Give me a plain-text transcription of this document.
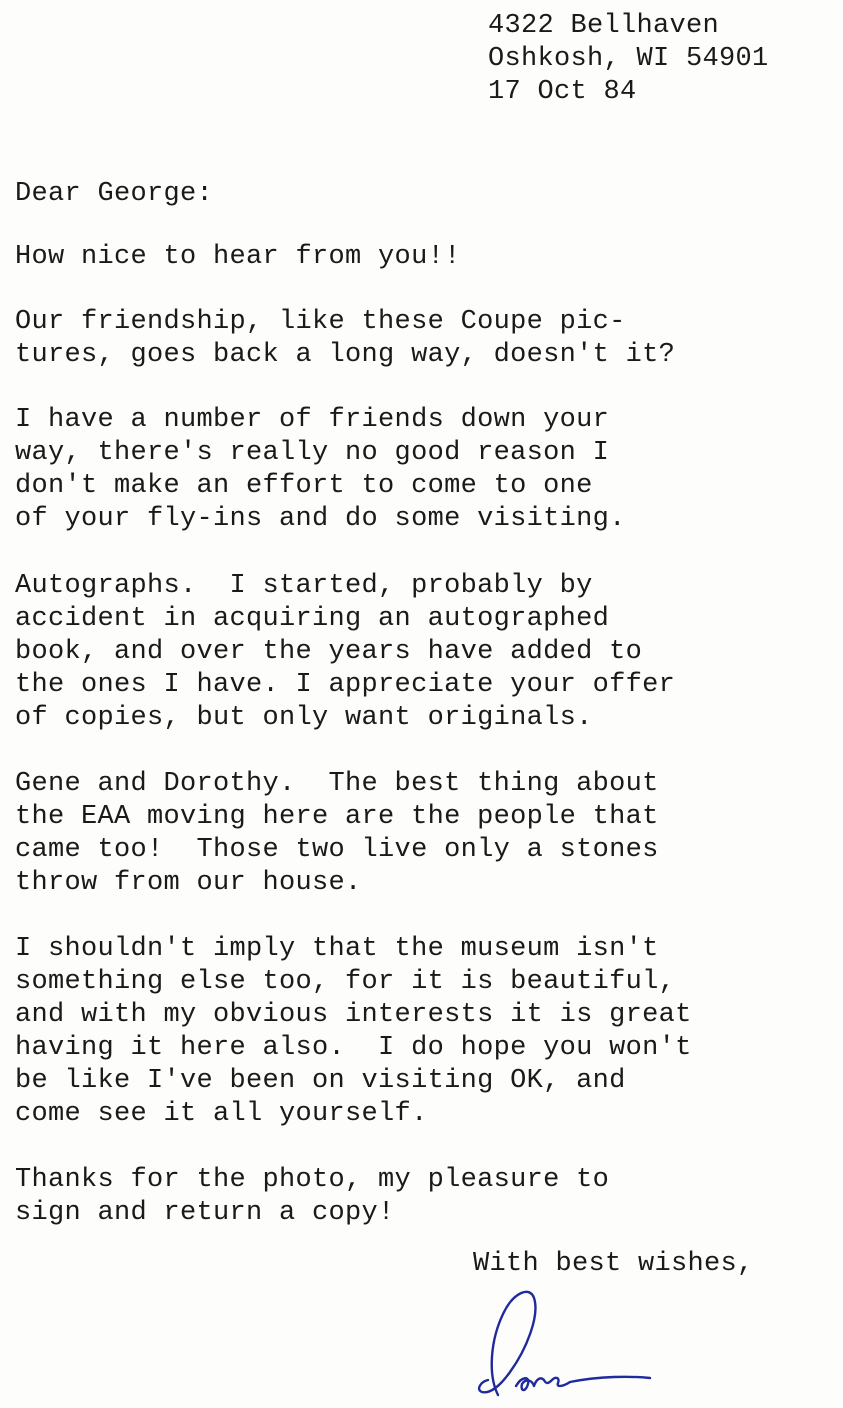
4322 Bellhaven
Oshkosh, WI 54901
17 Oct 84
Dear George:
How nice to hear from you!!
Our friendship, like these Coupe pic-
tures, goes back a long way, doesn't it?
I have a number of friends down your
way, there's really no good reason I
don't make an effort to come to one
of your fly-ins and do some visiting.
Autographs.  I started, probably by
accident in acquiring an autographed
book, and over the years have added to
the ones I have. I appreciate your offer
of copies, but only want originals.
Gene and Dorothy.  The best thing about
the EAA moving here are the people that
came too!  Those two live only a stones
throw from our house.
I shouldn't imply that the museum isn't
something else too, for it is beautiful,
and with my obvious interests it is great
having it here also.  I do hope you won't
be like I've been on visiting OK, and
come see it all yourself.
Thanks for the photo, my pleasure to
sign and return a copy!
With best wishes,
